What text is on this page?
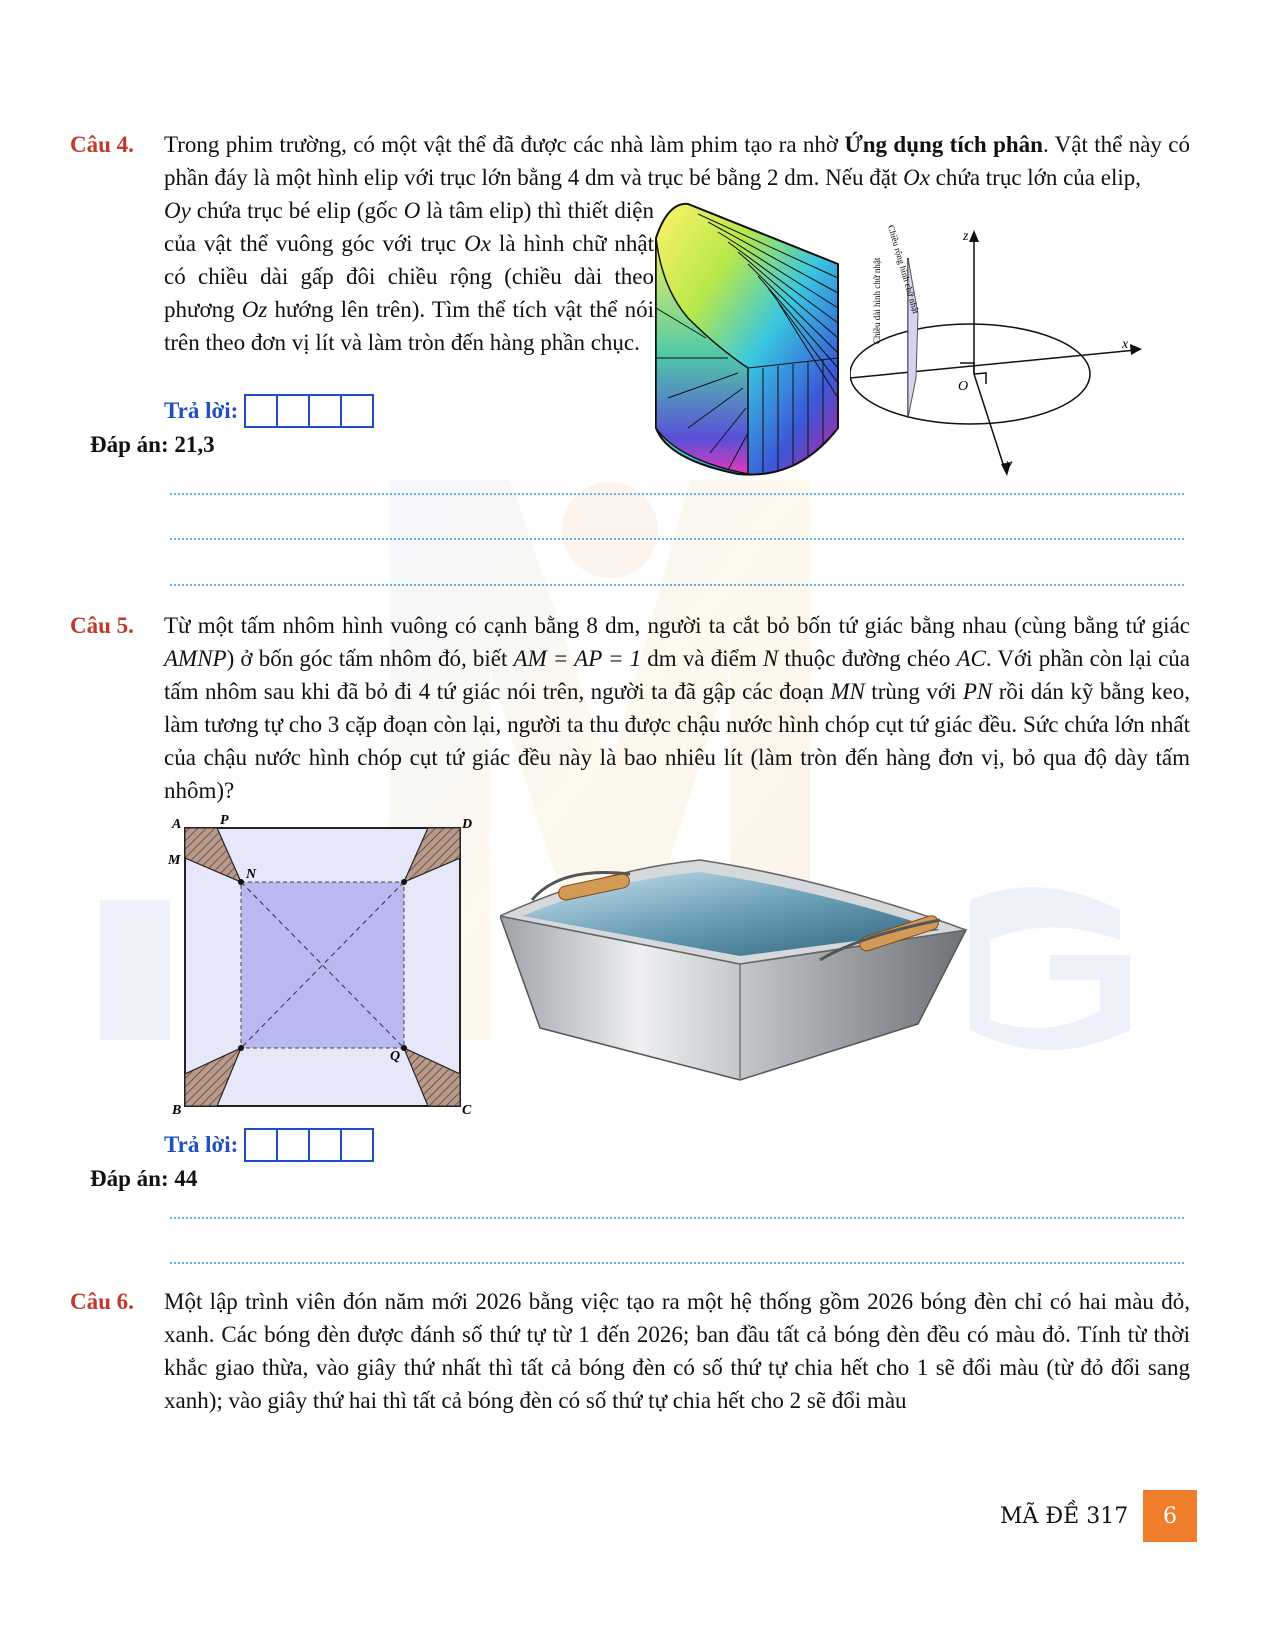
Câu 4. Trong phim trường, có một vật thể đã được các nhà làm phim tạo ra nhờ Ứng dụng tích phân. Vật thể này có phần đáy là một hình elip với trục lớn bằng 4 dm và trục bé bằng 2 dm. Nếu đặt Ox chứa trục lớn của elip,

Oy chứa trục bé elip (gốc O là tâm elip) thì thiết diện của vật thể vuông góc với trục Ox là hình chữ nhật có chiều dài gấp đôi chiều rộng (chiều dài theo phương Oz hướng lên trên). Tìm thể tích vật thể nói trên theo đơn vị lít và làm tròn đến hàng phần chục.
Trả lời:
Đáp án: 21,3
z
x
y
O
Chiều dài hình chữ nhật Chiều rộng hình chữ nhật
Câu 5. Từ một tấm nhôm hình vuông có cạnh bằng 8 dm, người ta cắt bỏ bốn tứ giác bằng nhau (cùng bằng tứ giác AMNP) ở bốn góc tấm nhôm đó, biết AM = AP = 1 dm và điểm N thuộc đường chéo AC. Với phần còn lại của tấm nhôm sau khi đã bỏ đi 4 tứ giác nói trên, người ta đã gập các đoạn MN trùng với PN rồi dán kỹ bằng keo, làm tương tự cho 3 cặp đoạn còn lại, người ta thu được chậu nước hình chóp cụt tứ giác đều. Sức chứa lớn nhất của chậu nước hình chóp cụt tứ giác đều này là bao nhiêu lít (làm tròn đến hàng đơn vị, bỏ qua độ dày tấm nhôm)?
A	P	D
M
N
Q
B	C
Trả lời:
Đáp án: 44
Câu 6. Một lập trình viên đón năm mới 2026 bằng việc tạo ra một hệ thống gồm 2026 bóng đèn chỉ có hai màu đỏ, xanh. Các bóng đèn được đánh số thứ tự từ 1 đến 2026; ban đầu tất cả bóng đèn đều có màu đỏ. Tính từ thời khắc giao thừa, vào giây thứ nhất thì tất cả bóng đèn có số thứ tự chia hết cho 1 sẽ đổi màu (từ đỏ đổi sang xanh); vào giây thứ hai thì tất cả bóng đèn có số thứ tự chia hết cho 2 sẽ đổi màu
MÃ ĐỀ 317	6
